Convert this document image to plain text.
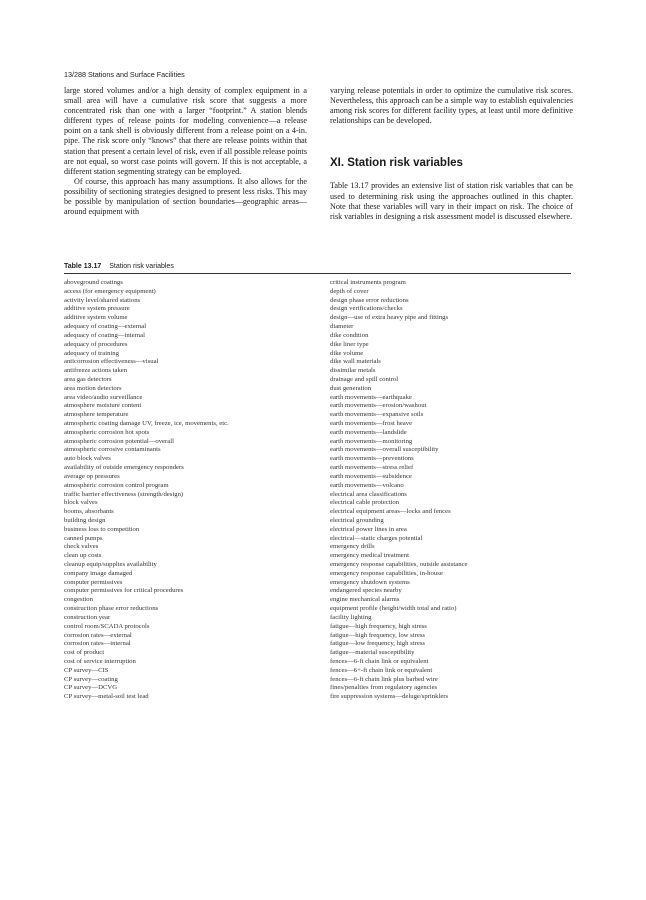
13/288 Stations and Surface Facilities

large stored volumes and/or a high density of complex equipment in a small area will have a cumulative risk score that suggests a more concentrated risk than one with a larger “footprint.” A station blends different types of release points for modeling convenience—a release point on a tank shell is obviously different from a release point on a 4-in. pipe. The risk score only “knows” that there are release points within that station that present a certain level of risk, even if all possible release points are not equal, so worst case points will govern. If this is not acceptable, a different station segmenting strategy can be employed.

Of course, this approach has many assumptions. It also allows for the possibility of sectioning strategies designed to present less risks. This may be possible by manipulation of section boundaries—geographic areas—around equipment with

varying release potentials in order to optimize the cumulative risk scores. Nevertheless, this approach can be a simple way to establish equivalencies among risk scores for different facility types, at least until more definitive relationships can be developed.

XI. Station risk variables

Table 13.17 provides an extensive list of station risk variables that can be used to determining risk using the approaches outlined in this chapter. Note that these variables will vary in their impact on risk. The choice of risk variables in designing a risk assessment model is discussed elsewhere.

Table 13.17 Station risk variables
aboveground coatings
access (for emergency equipment)
activity level/shared stations
additive system pressure
additive system volume
adequacy of coating—external
adequacy of coating—internal
adequacy of procedures
adequacy of training
anticorrosion effectiveness—visual
antifreeze actions taken
area gas detectors
area motion detectors
area video/audio surveillance
atmosphere moisture content
atmosphere temperature
atmospheric coating damage UV, freeze, ice, movements, etc.
atmospheric corrosion hot spots
atmospheric corrosion potential—overall
atmospheric corrosive contaminants
auto block valves
availability of outside emergency responders
average op pressures
atmospheric corrosion control program
traffic barrier effectiveness (strength/design)
block valves
booms, absorbants
building design
business loss to competition
canned pumps
check valves
clean up costs
cleanup equip/supplies availability
company image damaged
computer permissives
computer permissives for critical procedures
congestion
construction phase error reductions
construction year
control room/SCADA protocols
corrosion rates—external
corrosion rates—internal
cost of product
cost of service interruption
CP survey—CIS
CP survey—coating
CP survey—DCVG
CP survey—metal-soil test lead
critical instruments program
depth of cover
design phase error reductions
design verifications/checks
design—use of extra heavy pipe and fittings
diameter
dike condition
dike liner type
dike volume
dike wall materials
dissimilar metals
drainage and spill control
dust generation
earth movements—earthquake
earth movements—erosion/washout
earth movements—expansive soils
earth movements—frost heave
earth movements—landslide
earth movements—monitoring
earth movements—overall susceptibility
earth movements—preventions
earth movements—stress relief
earth movements—subsidence
earth movements—volcano
electrical area classifications
electrical cable protection
electrical equipment areas—locks and fences
electrical grounding
electrical power lines in area
electrical—static charges potential
emergency drills
emergency medical treatment
emergency response capabilities, outside assistance
emergency response capabilities, in-house
emergency shutdown systems
endangered species nearby
engine mechanical alarms
equipment profile (height/width total and ratio)
facility lighting
fatigue—high frequency, high stress
fatigue—high frequency, low stress
fatigue—low frequency, high stress
fatigue—material susceptibility
fences—6-ft chain link or equivalent
fences—6+-ft chain link or equivalent
fences—6-ft chain link plus barbed wire
fines/penalties from regulatory agencies
fire suppression systems—deluge/sprinklers
